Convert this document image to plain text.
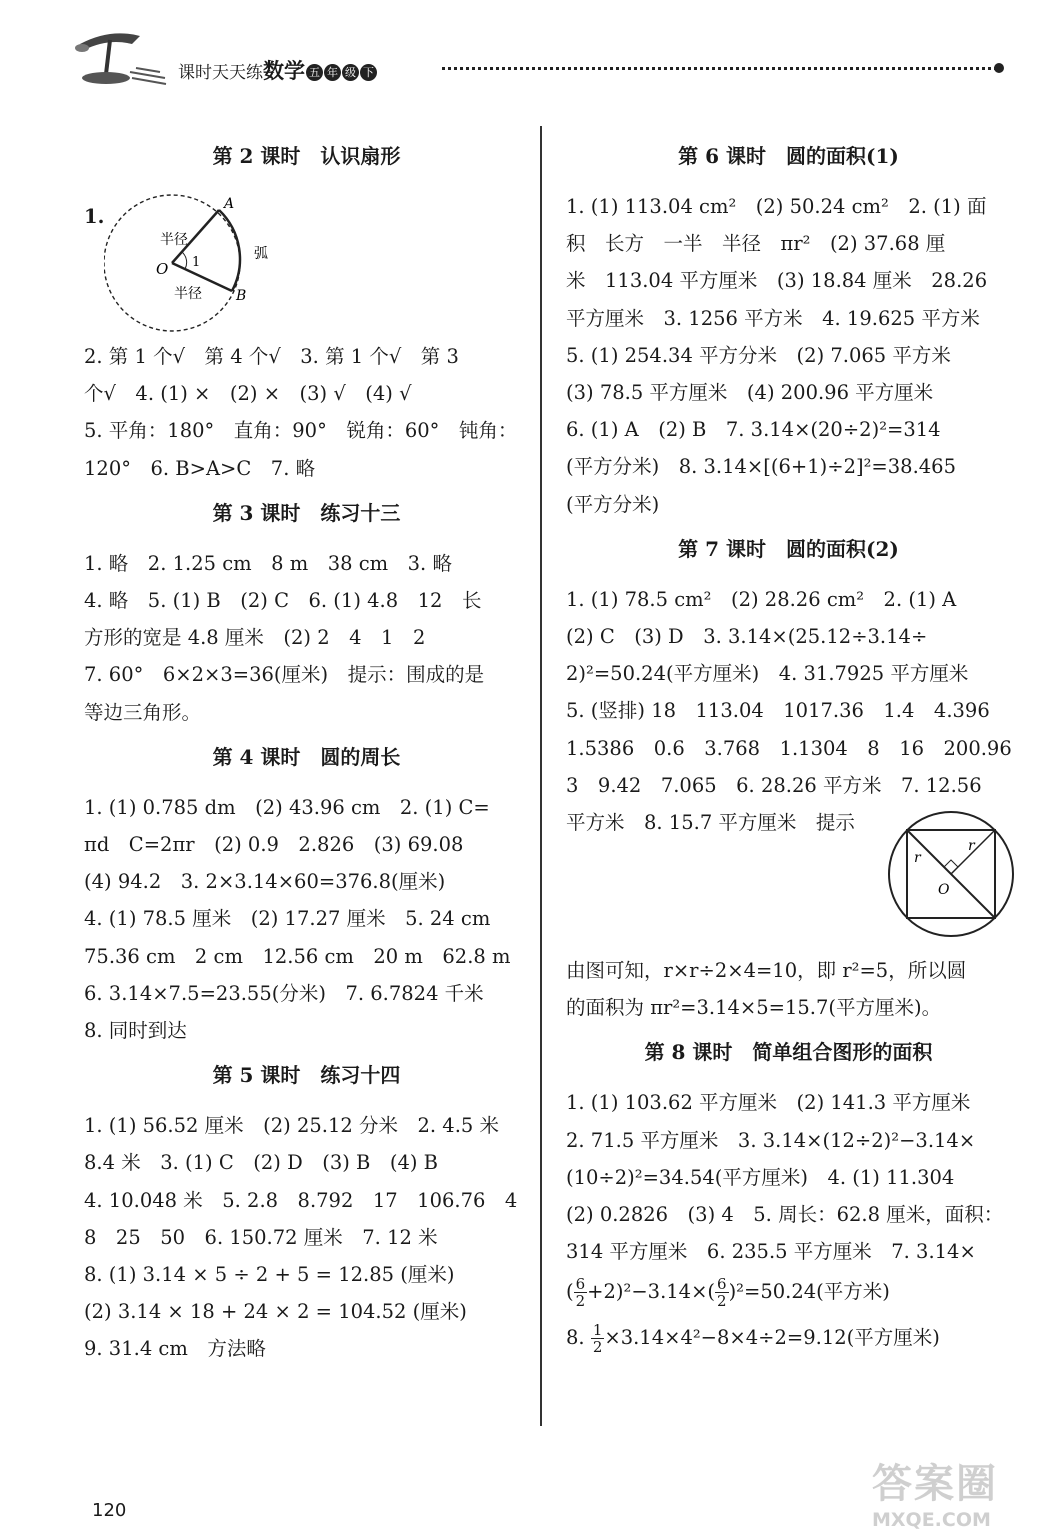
课时天天练数学 五 年 级 下
第 2 课时　认识扇形
1.
A
B
O
半径
半径
弧
1
2. 第 1 个√　第 4 个√　3. 第 1 个√　第 3
个√　4. (1) ×　(2) ×　(3) √　(4) √
5. 平角：180°　直角：90°　锐角：60°　钝角：
120°　6. B>A>C　7. 略
第 3 课时　练习十三
1. 略　2. 1.25 cm　8 m　38 cm　3. 略
4. 略　5. (1) B　(2) C　6. (1) 4.8　12　长
方形的宽是 4.8 厘米　(2) 2　4　1　2
7. 60°　6×2×3=36(厘米)　提示：围成的是
等边三角形。
第 4 课时　圆的周长
1. (1) 0.785 dm　(2) 43.96 cm　2. (1) C=
πd　C=2πr　(2) 0.9　2.826　(3) 69.08
(4) 94.2　3. 2×3.14×60=376.8(厘米)
4. (1) 78.5 厘米　(2) 17.27 厘米　5. 24 cm
75.36 cm　2 cm　12.56 cm　20 m　62.8 m
6. 3.14×7.5=23.55(分米)　7. 6.7824 千米
8. 同时到达
第 5 课时　练习十四
1. (1) 56.52 厘米　(2) 25.12 分米　2. 4.5 米
8.4 米　3. (1) C　(2) D　(3) B　(4) B
4. 10.048 米　5. 2.8　8.792　17　106.76　4
8　25　50　6. 150.72 厘米　7. 12 米
8. (1) 3.14 × 5 ÷ 2 + 5 = 12.85 (厘米)
(2) 3.14 × 18 + 24 × 2 = 104.52 (厘米)
9. 31.4 cm　方法略
第 6 课时　圆的面积(1)
1. (1) 113.04 cm²　(2) 50.24 cm²　2. (1) 面
积　长方　一半　半径　πr²　(2) 37.68 厘
米　113.04 平方厘米　(3) 18.84 厘米　28.26
平方厘米　3. 1256 平方米　4. 19.625 平方米
5. (1) 254.34 平方分米　(2) 7.065 平方米
(3) 78.5 平方厘米　(4) 200.96 平方厘米
6. (1) A　(2) B　7. 3.14×(20÷2)²=314
(平方分米)　8. 3.14×[(6+1)÷2]²=38.465
(平方分米)
第 7 课时　圆的面积(2)
1. (1) 78.5 cm²　(2) 28.26 cm²　2. (1) A
(2) C　(3) D　3. 3.14×(25.12÷3.14÷
2)²=50.24(平方厘米)　4. 31.7925 平方厘米
5. (竖排) 18　113.04　1017.36　1.4　4.396
1.5386　0.6　3.768　1.1304　8　16　200.96
3　9.42　7.065　6. 28.26 平方米　7. 12.56
平方米　8. 15.7 平方厘米　提示
r
r
O
由图可知，r×r÷2×4=10，即 r²=5，所以圆
的面积为 πr²=3.14×5=15.7(平方厘米)。
第 8 课时　简单组合图形的面积
1. (1) 103.62 平方厘米　(2) 141.3 平方厘米
2. 71.5 平方厘米　3. 3.14×(12÷2)²−3.14×
(10÷2)²=34.54(平方厘米)　4. (1) 11.304
(2) 0.2826　(3) 4　5. 周长：62.8 厘米，面积：
314 平方厘米　6. 235.5 平方厘米　7. 3.14×
( $\frac{6}{2} +2)^2-3.14\times( \frac{6}{2} )^2=50.24$(平方米)
8. $\frac{1}{2} \times 3.14\times 4^2-8\times 4\div 2=9.12$(平方厘米)
120
答案圈
MXQE.COM
